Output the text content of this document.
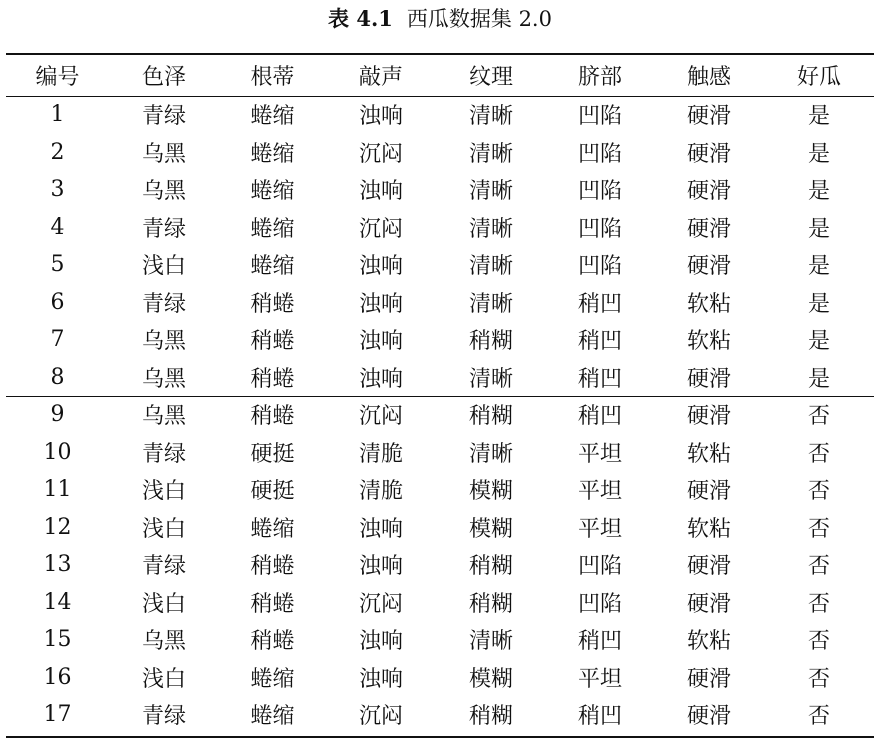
表 4.1 西瓜数据集 2.0
编号	色泽	根蒂	敲声	纹理	脐部	触感	好瓜
1	青绿	蜷缩	浊响	清晰	凹陷	硬滑	是
2	乌黑	蜷缩	沉闷	清晰	凹陷	硬滑	是
3	乌黑	蜷缩	浊响	清晰	凹陷	硬滑	是
4	青绿	蜷缩	沉闷	清晰	凹陷	硬滑	是
5	浅白	蜷缩	浊响	清晰	凹陷	硬滑	是
6	青绿	稍蜷	浊响	清晰	稍凹	软粘	是
7	乌黑	稍蜷	浊响	稍糊	稍凹	软粘	是
8	乌黑	稍蜷	浊响	清晰	稍凹	硬滑	是
9	乌黑	稍蜷	沉闷	稍糊	稍凹	硬滑	否
10	青绿	硬挺	清脆	清晰	平坦	软粘	否
11	浅白	硬挺	清脆	模糊	平坦	硬滑	否
12	浅白	蜷缩	浊响	模糊	平坦	软粘	否
13	青绿	稍蜷	浊响	稍糊	凹陷	硬滑	否
14	浅白	稍蜷	沉闷	稍糊	凹陷	硬滑	否
15	乌黑	稍蜷	浊响	清晰	稍凹	软粘	否
16	浅白	蜷缩	浊响	模糊	平坦	硬滑	否
17	青绿	蜷缩	沉闷	稍糊	稍凹	硬滑	否
